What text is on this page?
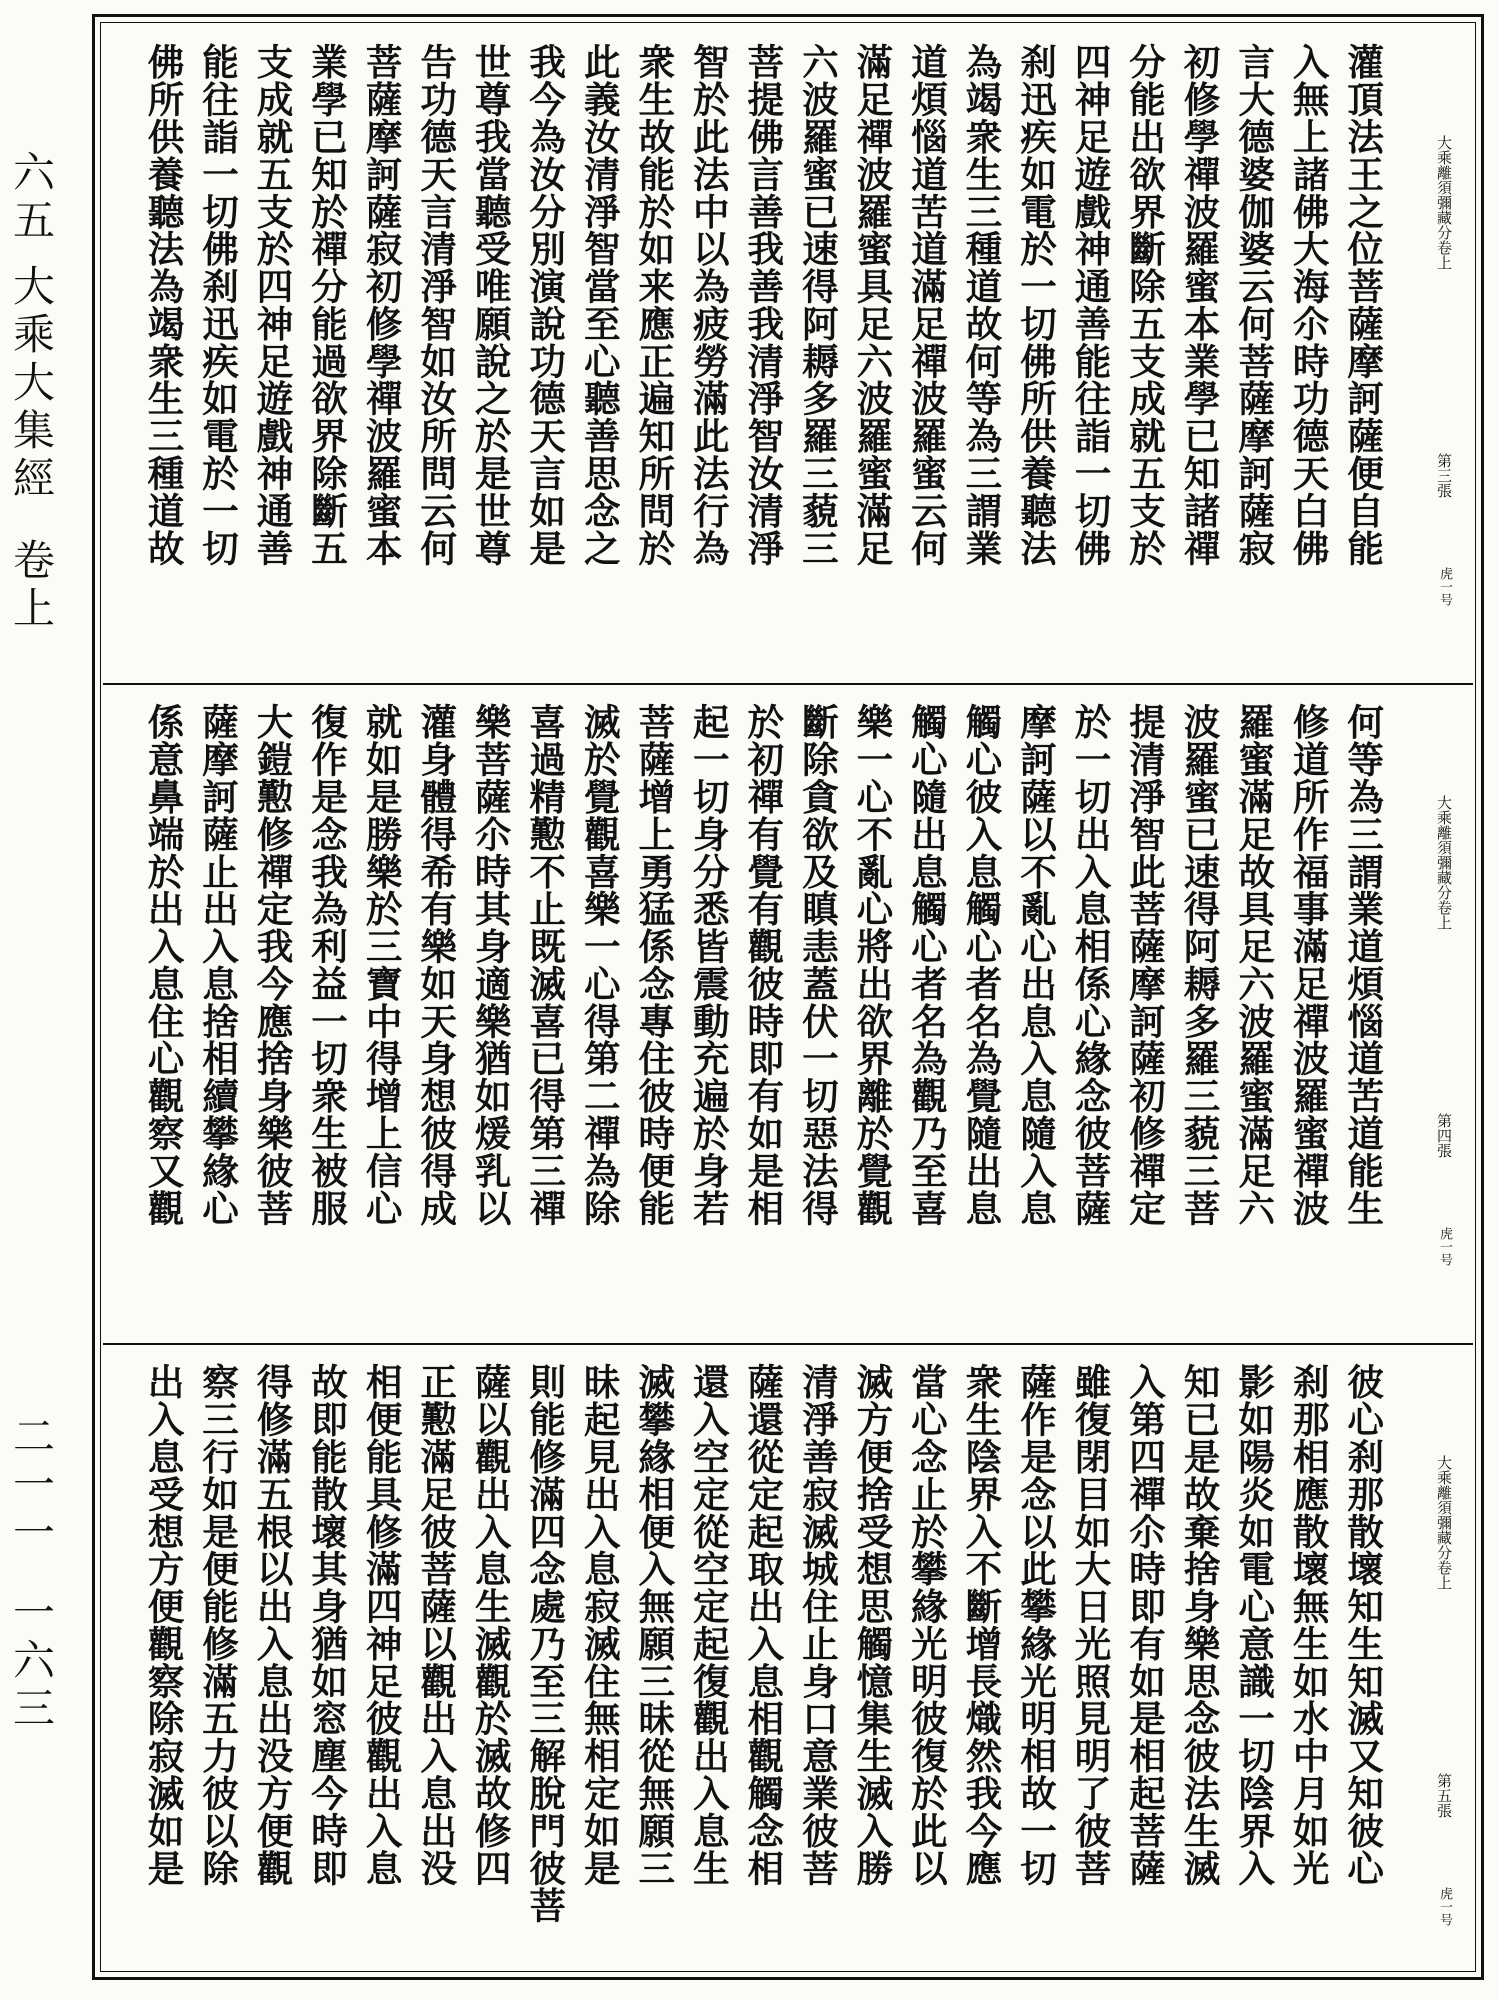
六五
大乘大集經
卷上
二一一
一六三
大乘離須彌藏分卷上
第三張
虎一号
灌頂法王之位菩薩摩訶薩便自能
入無上諸佛大海尒時功德天白佛
言大德婆伽婆云何菩薩摩訶薩寂
初修學禪波羅蜜本業學已知諸禪
分能出欲界斷除五支成就五支於
四神足遊戲神通善能往詣一切佛
刹迅疾如電於一切佛所供養聽法
為竭衆生三種道故何等為三謂業
道煩惱道苦道滿足禪波羅蜜云何
滿足禪波羅蜜具足六波羅蜜滿足
六波羅蜜已速得阿耨多羅三藐三
菩提佛言善我善我清淨智汝清淨
智於此法中以為疲勞滿此法行為
衆生故能於如来應正遍知所問於
此義汝清淨智當至心聽善思念之
我今為汝分別演說功德天言如是
世尊我當聽受唯願說之於是世尊
告功德天言清淨智如汝所問云何
菩薩摩訶薩寂初修學禪波羅蜜本
業學已知於禪分能過欲界除斷五
支成就五支於四神足遊戲神通善
能往詣一切佛刹迅疾如電於一切
佛所供養聽法為竭衆生三種道故
大乘離須彌藏分卷上
第四張
虎一号
何等為三謂業道煩惱道苦道能生
修道所作福事滿足禪波羅蜜禪波
羅蜜滿足故具足六波羅蜜滿足六
波羅蜜已速得阿耨多羅三藐三菩
提清淨智此菩薩摩訶薩初修禪定
於一切出入息相係心緣念彼菩薩
摩訶薩以不亂心出息入息隨入息
觸心彼入息觸心者名為覺隨出息
觸心隨出息觸心者名為觀乃至喜
樂一心不亂心將出欲界離於覺觀
斷除貪欲及瞋恚蓋伏一切惡法得
於初禪有覺有觀彼時即有如是相
起一切身分悉皆震動充遍於身若
菩薩增上勇猛係念專住彼時便能
滅於覺觀喜樂一心得第二禪為除
喜過精懃不止既滅喜已得第三禪
樂菩薩尒時其身適樂猶如煖乳以
灌身體得希有樂如天身想彼得成
就如是勝樂於三寶中得增上信心
復作是念我為利益一切衆生被服
大鎧懃修禪定我今應捨身樂彼菩
薩摩訶薩止出入息捨相續攀緣心
係意鼻端於出入息住心觀察又觀
大乘離須彌藏分卷上
第五張
虎一号
彼心刹那散壞知生知滅又知彼心
刹那相應散壞無生如水中月如光
影如陽炎如電心意識一切陰界入
知已是故棄捨身樂思念彼法生滅
入第四禪尒時即有如是相起菩薩
雖復閉目如大日光照見明了彼菩
薩作是念以此攀緣光明相故一切
衆生陰界入不斷增長熾然我今應
當心念止於攀緣光明彼復於此以
滅方便捨受想思觸憶集生滅入勝
清淨善寂滅城住止身口意業彼菩
薩還從定起取出入息相觀觸念相
還入空定從空定起復觀出入息生
滅攀緣相便入無願三昧從無願三
昧起見出入息寂滅住無相定如是
則能修滿四念處乃至三解脫門彼菩
薩以觀出入息生滅觀於滅故修四
正懃滿足彼菩薩以觀出入息出没
相便能具修滿四神足彼觀出入息
故即能散壞其身猶如窓塵今時即
得修滿五根以出入息出没方便觀
察三行如是便能修滿五力彼以除
出入息受想方便觀察除寂滅如是
